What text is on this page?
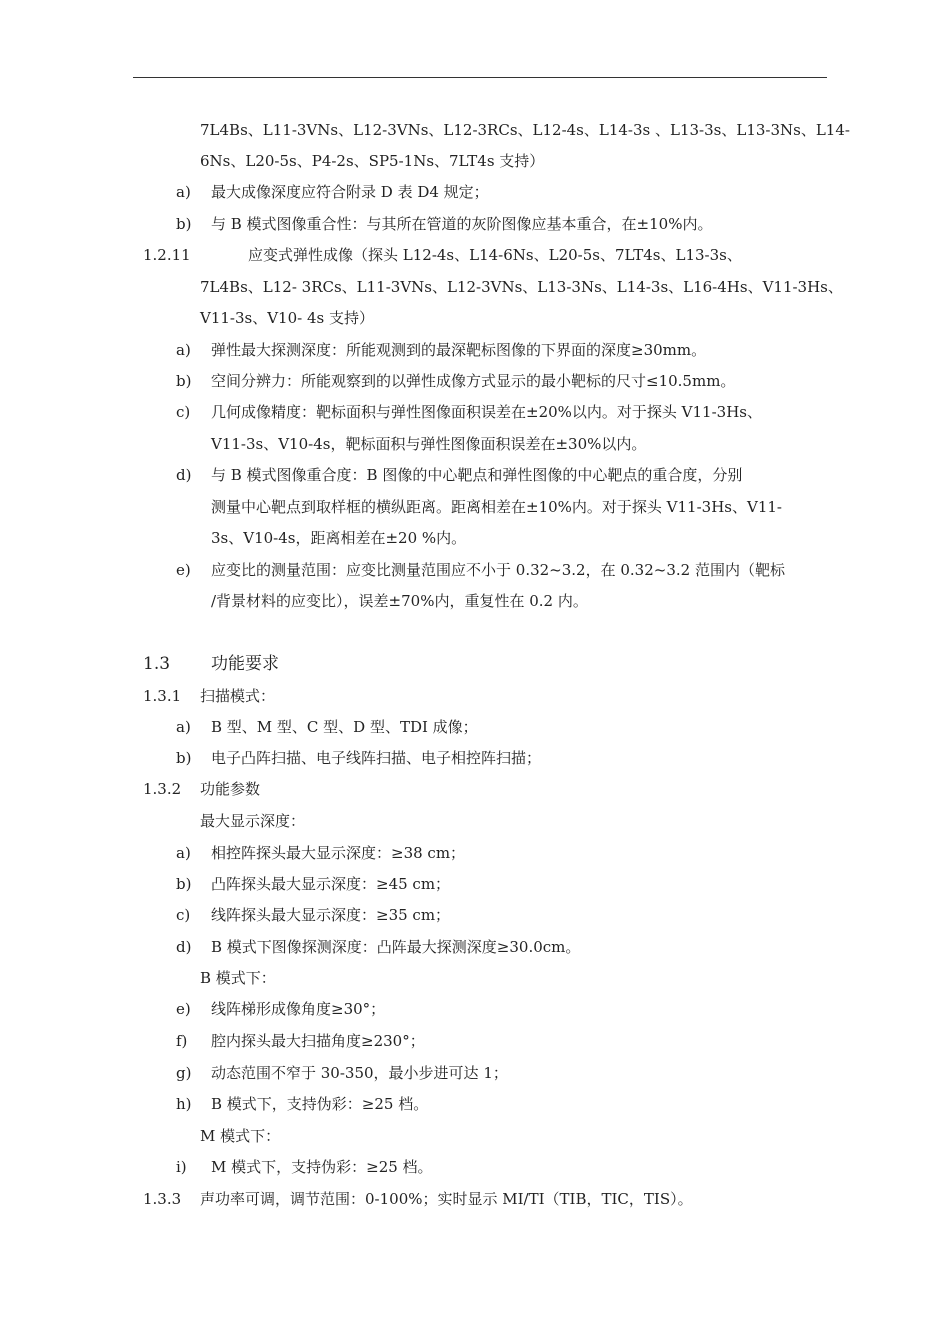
7L4Bs、L11-3VNs、L12-3VNs、L12-3RCs、L12-4s、L14-3s 、L13-3s、L13-3Ns、L14-
6Ns、L20-5s、P4-2s、SP5-1Ns、7LT4s 支持）
a) 最大成像深度应符合附录 D 表 D4 规定；
b) 与 B 模式图像重合性：与其所在管道的灰阶图像应基本重合，在±10%内。
1.2.11	应变式弹性成像（探头 L12-4s、L14-6Ns、L20-5s、7LT4s、L13-3s、
7L4Bs、L12- 3RCs、L11-3VNs、L12-3VNs、L13-3Ns、L14-3s、L16-4Hs、V11-3Hs、
V11-3s、V10- 4s 支持）
a) 弹性最大探测深度：所能观测到的最深靶标图像的下界面的深度≥30mm。
b) 空间分辨力：所能观察到的以弹性成像方式显示的最小靶标的尺寸≤10.5mm。
c) 几何成像精度：靶标面积与弹性图像面积误差在±20%以内。对于探头 V11-3Hs、
V11-3s、V10-4s，靶标面积与弹性图像面积误差在±30%以内。
d) 与 B 模式图像重合度：B 图像的中心靶点和弹性图像的中心靶点的重合度，分别
测量中心靶点到取样框的横纵距离。距离相差在±10%内。对于探头 V11-3Hs、V11-
3s、V10-4s，距离相差在±20 %内。
e) 应变比的测量范围：应变比测量范围应不小于 0.32~3.2，在 0.32~3.2 范围内（靶标
/背景材料的应变比），误差±70%内，重复性在 0.2 内。
1.3 功能要求
1.3.1 扫描模式：
a) B 型、M 型、C 型、D 型、TDI 成像；
b) 电子凸阵扫描、电子线阵扫描、电子相控阵扫描；
1.3.2 功能参数
最大显示深度：
a) 相控阵探头最大显示深度：≥38 cm；
b) 凸阵探头最大显示深度：≥45 cm；
c) 线阵探头最大显示深度：≥35 cm；
d) B 模式下图像探测深度：凸阵最大探测深度≥30.0cm。
B 模式下：
e) 线阵梯形成像角度≥30°；
f) 腔内探头最大扫描角度≥230°；
g) 动态范围不窄于 30-350，最小步进可达 1；
h) B 模式下，支持伪彩：≥25 档。
M 模式下：
i) M 模式下，支持伪彩：≥25 档。
1.3.3 声功率可调，调节范围：0-100%；实时显示 MI/TI（TIB，TIC，TIS）。
